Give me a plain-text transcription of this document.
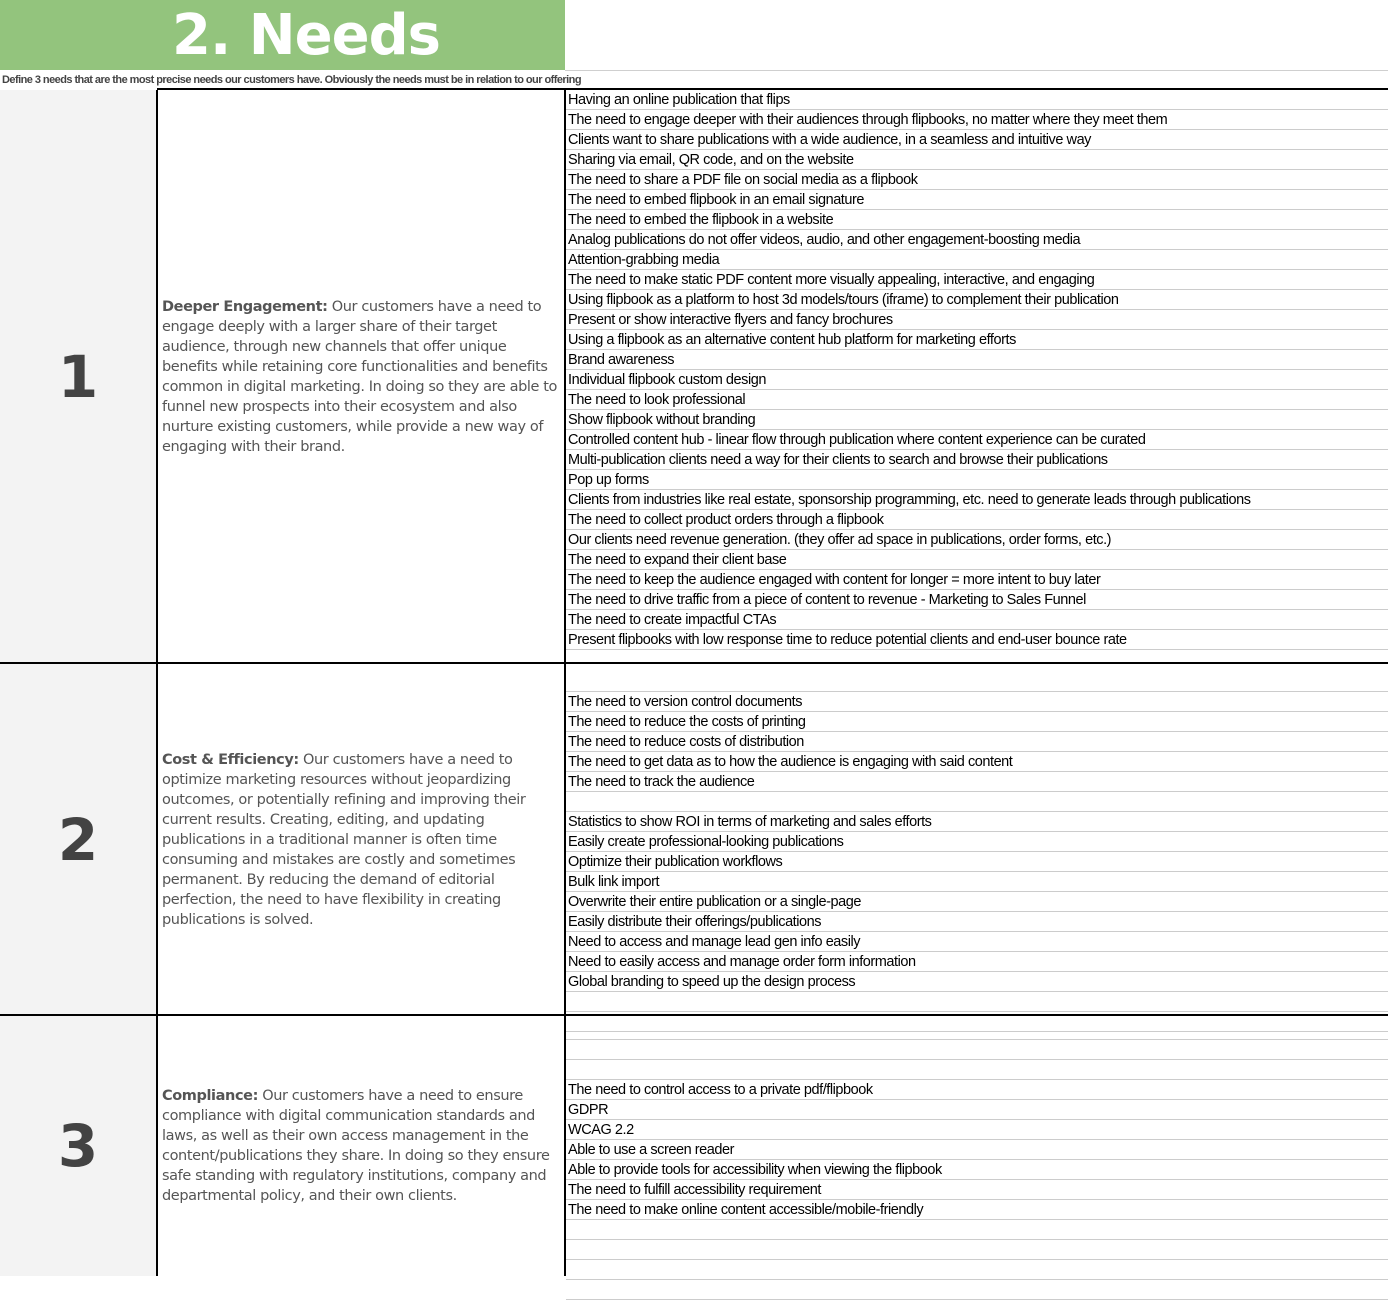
2. Needs
Define 3 needs that are the most precise needs our customers have. Obviously the needs must be in relation to our offering
1
Deeper Engagement: Our customers have a need to engage deeply with a larger share of their target audience, through new channels that offer unique benefits while retaining core functionalities and benefits common in digital marketing. In doing so they are able to funnel new prospects into their ecosystem and also nurture existing customers, while provide a new way of engaging with their brand.
Having an online publication that flips
The need to engage deeper with their audiences through flipbooks, no matter where they meet them
Clients want to share publications with a wide audience, in a seamless and intuitive way
Sharing via email, QR code, and on the website
The need to share a PDF file on social media as a flipbook
The need to embed flipbook in an email signature
The need to embed the flipbook in a website
Analog publications do not offer videos, audio, and other engagement-boosting media
Attention-grabbing media
The need to make static PDF content more visually appealing, interactive, and engaging
Using flipbook as a platform to host 3d models/tours (iframe) to complement their publication
Present or show interactive flyers and fancy brochures
Using a flipbook as an alternative content hub platform for marketing efforts
Brand awareness
Individual flipbook custom design
The need to look professional
Show flipbook without branding
Controlled content hub - linear flow through publication where content experience can be curated
Multi-publication clients need a way for their clients to search and browse their publications
Pop up forms
Clients from industries like real estate, sponsorship programming, etc. need to generate leads through publications
The need to collect product orders through a flipbook
Our clients need revenue generation. (they offer ad space in publications, order forms, etc.)
The need to expand their client base
The need to keep the audience engaged with content for longer = more intent to buy later
The need to drive traffic from a piece of content to revenue - Marketing to Sales Funnel
The need to create impactful CTAs
Present flipbooks with low response time to reduce potential clients and end-user bounce rate
2
Cost & Efficiency: Our customers have a need to optimize marketing resources without jeopardizing outcomes, or potentially refining and improving their current results. Creating, editing, and updating publications in a traditional manner is often time consuming and mistakes are costly and sometimes permanent. By reducing the demand of editorial perfection, the need to have flexibility in creating publications is solved.
The need to version control documents
The need to reduce the costs of printing
The need to reduce costs of distribution
The need to get data as to how the audience is engaging with said content
The need to track the audience
Statistics to show ROI in terms of marketing and sales efforts
Easily create professional-looking publications
Optimize their publication workflows
Bulk link import
Overwrite their entire publication or a single-page
Easily distribute their offerings/publications
Need to access and manage lead gen info easily
Need to easily access and manage order form information
Global branding to speed up the design process
3
Compliance: Our customers have a need to ensure compliance with digital communication standards and laws, as well as their own access management in the content/publications they share. In doing so they ensure safe standing with regulatory institutions, company and departmental policy, and their own clients.
The need to control access to a private pdf/flipbook
GDPR
WCAG 2.2
Able to use a screen reader
Able to provide tools for accessibility when viewing the flipbook
The need to fulfill accessibility requirement
The need to make online content accessible/mobile-friendly
